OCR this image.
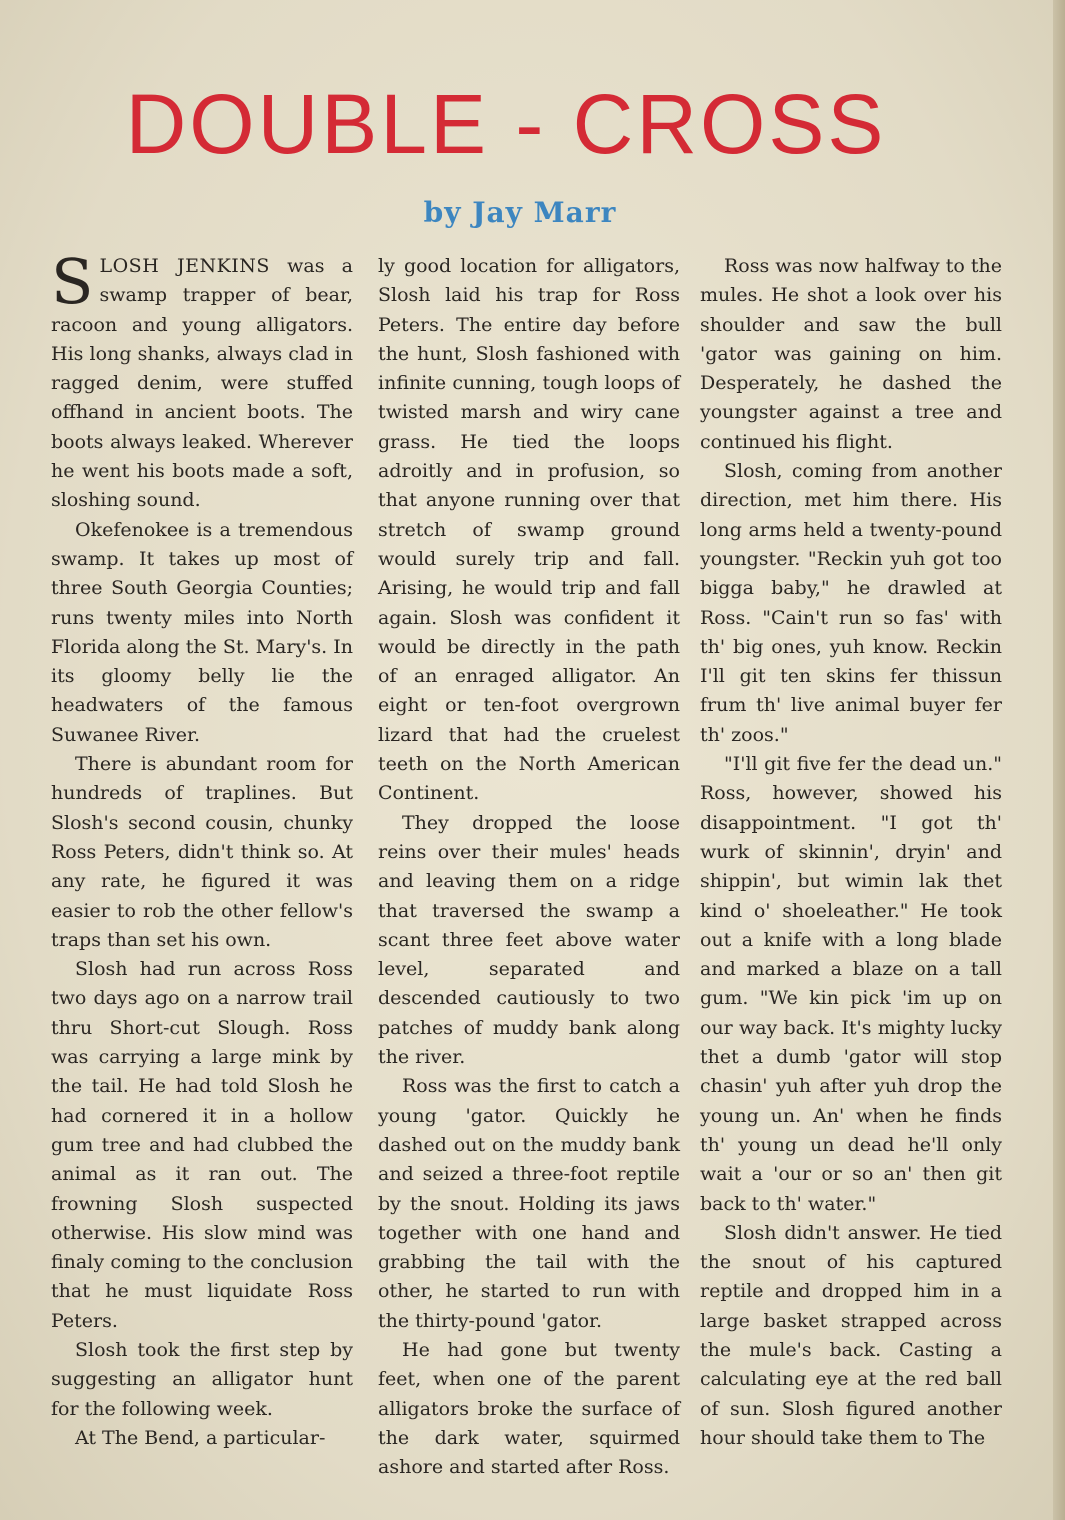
DOUBLE - CROSS
by Jay Marr

SLOSH JENKINS was a swamp trapper of bear, racoon and young alligators. His long shanks, always clad in ragged denim, were stuffed offhand in ancient boots. The boots always leaked. Wherever he went his boots made a soft, sloshing sound.

Okefenokee is a tremendous swamp. It takes up most of three South Georgia Counties; runs twenty miles into North Florida along the St. Mary's. In its gloomy belly lie the headwaters of the famous Suwanee River.

There is abundant room for hundreds of traplines. But Slosh's second cousin, chunky Ross Peters, didn't think so. At any rate, he figured it was easier to rob the other fellow's traps than set his own.

Slosh had run across Ross two days ago on a narrow trail thru Short-cut Slough. Ross was carrying a large mink by the tail. He had told Slosh he had cornered it in a hollow gum tree and had clubbed the animal as it ran out. The frowning Slosh suspected otherwise. His slow mind was finaly coming to the conclusion that he must liquidate Ross Peters.

Slosh took the first step by suggesting an alligator hunt for the following week.

At The Bend, a particular-

ly good location for alligators, Slosh laid his trap for Ross Peters. The entire day before the hunt, Slosh fashioned with infinite cunning, tough loops of twisted marsh and wiry cane grass. He tied the loops adroitly and in profusion, so that anyone running over that stretch of swamp ground would surely trip and fall. Arising, he would trip and fall again. Slosh was confident it would be directly in the path of an enraged alligator. An eight or ten-foot overgrown lizard that had the cruelest teeth on the North American Continent.

They dropped the loose reins over their mules' heads and leaving them on a ridge that traversed the swamp a scant three feet above water level, separated and descended cautiously to two patches of muddy bank along the river.

Ross was the first to catch a young 'gator. Quickly he dashed out on the muddy bank and seized a three-foot reptile by the snout. Holding its jaws together with one hand and grabbing the tail with the other, he started to run with the thirty-pound 'gator.

He had gone but twenty feet, when one of the parent alligators broke the surface of the dark water, squirmed ashore and started after Ross.

Ross was now halfway to the mules. He shot a look over his shoulder and saw the bull 'gator was gaining on him. Desperately, he dashed the youngster against a tree and continued his flight.

Slosh, coming from another direction, met him there. His long arms held a twenty-pound youngster. "Reckin yuh got too bigga baby," he drawled at Ross. "Cain't run so fas' with th' big ones, yuh know. Reckin I'll git ten skins fer thissun frum th' live animal buyer fer th' zoos."

"I'll git five fer the dead un." Ross, however, showed his disappointment. "I got th' wurk of skinnin', dryin' and shippin', but wimin lak thet kind o' shoeleather." He took out a knife with a long blade and marked a blaze on a tall gum. "We kin pick 'im up on our way back. It's mighty lucky thet a dumb 'gator will stop chasin' yuh after yuh drop the young un. An' when he finds th' young un dead he'll only wait a 'our or so an' then git back to th' water."

Slosh didn't answer. He tied the snout of his captured reptile and dropped him in a large basket strapped across the mule's back. Casting a calculating eye at the red ball of sun. Slosh figured another hour should take them to The
